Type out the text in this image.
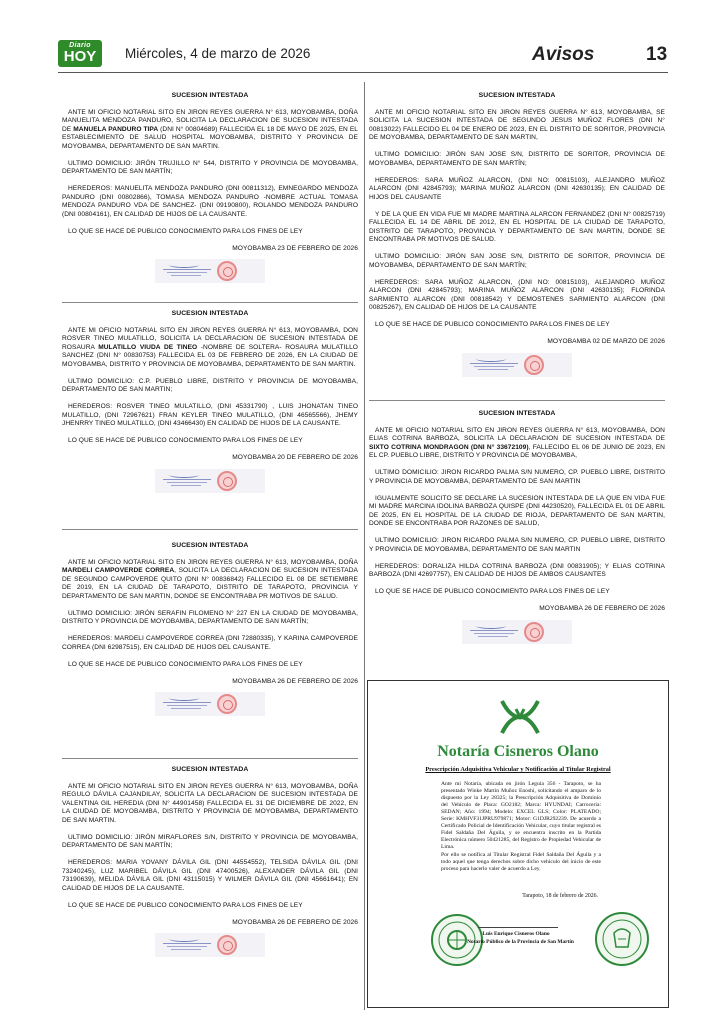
Diario
HOY	Miércoles, 4 de marzo de 2026	Avisos	13
SUCESION INTESTADA

ANTE MI OFICIO NOTARIAL SITO EN JIRON REYES GUERRA N° 613, MOYOBAMBA, DOÑA MANUELITA MENDOZA PANDURO, SOLICITA LA DECLARACION DE SUCESION INTESTADA DE MANUELA PANDURO TIPA (DNI N° 00804689) FALLECIDA EL 18 DE MAYO DE 2025, EN EL ESTABLECIMIENTO DE SALUD HOSPITAL MOYOBAMBA, DISTRITO Y PROVINCIA DE MOYOBAMBA, DEPARTAMENTO DE SAN MARTIN.

ULTIMO DOMICILIO: JIRÓN TRUJILLO N° 544, DISTRITO Y PROVINCIA DE MOYOBAMBA, DEPARTAMENTO DE SAN MARTÍN;

HEREDEROS: MANUELITA MENDOZA PANDURO (DNI 00811312), EMNEGARDO MENDOZA PANDURO (DNI 00802866), TOMASA MENDOZA PANDURO -NOMBRE ACTUAL TOMASA MENDOZA PANDURO VDA DE SANCHEZ- (DNI 09190800), ROLANDO MENDOZA PANDURO (DNI 00804161), EN CALIDAD DE HIJOS DE LA CAUSANTE.

LO QUE SE HACE DE PUBLICO CONOCIMIENTO PARA LOS FINES DE LEY

MOYOBAMBA 23 DE FEBRERO DE 2026
SUCESION INTESTADA

ANTE MI OFICIO NOTARIAL SITO EN JIRON REYES GUERRA N° 613, MOYOBAMBA, DON ROSVER TINEO MULATILLO, SOLICITA LA DECLARACION DE SUCESION INTESTADA DE ROSAURA MULATILLO VIUDA DE TINEO -NOMBRE DE SOLTERA- ROSAURA MULATILLO SANCHEZ (DNI N° 00830753) FALLECIDA EL 03 DE FEBRERO DE 2026, EN LA CIUDAD DE MOYOBAMBA, DISTRITO Y PROVINCIA DE MOYOBAMBA, DEPARTAMENTO DE SAN MARTIN.

ULTIMO DOMICILIO: C.P. PUEBLO LIBRE, DISTRITO Y PROVINCIA DE MOYOBAMBA, DEPARTAMENTO DE SAN MARTIN;

HEREDEROS: ROSVER TINEO MULATILLO, (DNI 45331790) , LUIS JHONATAN TINEO MULATILLO, (DNI 72967621) FRAN KEYLER TINEO MULATILLO, (DNI 46565566), JHEMY JHENRRY TINEO MULATILLO, (DNI 43466430) EN CALIDAD DE HIJOS DE LA CAUSANTE.

LO QUE SE HACE DE PUBLICO CONOCIMIENTO PARA LOS FINES DE LEY

MOYOBAMBA 20 DE FEBRERO DE 2026
SUCESION INTESTADA

ANTE MI OFICIO NOTARIAL SITO EN JIRON REYES GUERRA N° 613, MOYOBAMBA, DOÑA MARDELI CAMPOVERDE CORREA, SOLICITA LA DECLARACION DE SUCESION INTESTADA DE SEGUNDO CAMPOVERDE QUITO (DNI N° 00836842) FALLECIDO EL 08 DE SETIEMBRE DE 2019, EN LA CIUDAD DE TARAPOTO, DISTRITO DE TARAPOTO, PROVINCIA Y DEPARTAMENTO DE SAN MARTIN, DONDE SE ENCONTRABA PR MOTIVOS DE SALUD.

ULTIMO DOMICILIO: JIRÓN SERAFIN FILOMENO N° 227 EN LA CIUDAD DE MOYOBAMBA, DISTRITO Y PROVINCIA DE MOYOBAMBA, DEPARTAMENTO DE SAN MARTÍN;

HEREDEROS: MARDELI CAMPOVERDE CORREA (DNI 72880335), Y KARINA CAMPOVERDE CORREA (DNI 62987515), EN CALIDAD DE HIJOS DEL CAUSANTE.

LO QUE SE HACE DE PUBLICO CONOCIMIENTO PARA LOS FINES DE LEY

MOYOBAMBA 26 DE FEBRERO DE 2026
SUCESION INTESTADA

ANTE MI OFICIO NOTARIAL SITO EN JIRON REYES GUERRA N° 613, MOYOBAMBA, DOÑA REGULO DÁVILA CAJANDILAY, SOLICITA LA DECLARACION DE SUCESION INTESTADA DE VALENTINA GIL HEREDIA (DNI N° 44901458) FALLECIDA EL 31 DE DICIEMBRE DE 2022, EN LA CIUDAD DE MOYOBAMBA, DISTRITO Y PROVINCIA DE MOYOBAMBA, DEPARTAMENTO DE SAN MARTIN.

ULTIMO DOMICILIO: JIRÓN MIRAFLORES S/N, DISTRITO Y PROVINCIA DE MOYOBAMBA, DEPARTAMENTO DE SAN MARTÍN;

HEREDEROS: MARIA YOVANY DÁVILA GIL (DNI 44554552), TELSIDA DÁVILA GIL (DNI 73240245), LUZ MARIBEL DÁVILA GIL (DNI 47400526), ALEXANDER DÁVILA GIL (DNI 73190639), MELIDA DÁVILA GIL (DNI 43115015) Y WILMER DÁVILA GIL (DNI 45661641); EN CALIDAD DE HIJOS DE LA CAUSANTE.

LO QUE SE HACE DE PUBLICO CONOCIMIENTO PARA LOS FINES DE LEY

MOYOBAMBA 26 DE FEBRERO DE 2026
SUCESION INTESTADA

ANTE MI OFICIO NOTARIAL SITO EN JIRON REYES GUERRA N° 613, MOYOBAMBA, SE SOLICITA LA SUCESION INTESTADA DE SEGUNDO JESUS MUÑOZ FLORES (DNI N° 00813022) FALLECIDO EL 04 DE ENERO DE 2023, EN EL DISTRITO DE SORITOR, PROVINCIA DE MOYOBAMBA, DEPARTAMENTO DE SAN MARTIN,

ULTIMO DOMICILIO: JIRÓN SAN JOSE S/N, DISTRITO DE SORITOR, PROVINCIA DE MOYOBAMBA, DEPARTAMENTO DE SAN MARTÍN;

HEREDEROS: SARA MUÑOZ ALARCON, (DNI NO: 00815103), ALEJANDRO MUÑOZ ALARCON (DNI 42845793); MARINA MUÑOZ ALARCON (DNI 42630135); EN CALIDAD DE HIJOS DEL CAUSANTE

Y DE LA QUE EN VIDA FUE MI MADRE MARTINA ALARCON FERNANDEZ (DNI N° 00825719) FALLECIDA EL 14 DE ABRIL DE 2012, EN EL HOSPITAL DE LA CIUDAD DE TARAPOTO, DISTRITO DE TARAPOTO, PROVINCIA Y DEPARTAMENTO DE SAN MARTIN, DONDE SE ENCONTRABA PR MOTIVOS DE SALUD.

ULTIMO DOMICILIO: JIRÓN SAN JOSE S/N, DISTRITO DE SORITOR, PROVINCIA DE MOYOBAMBA, DEPARTAMENTO DE SAN MARTÍN;

HEREDEROS: SARA MUÑOZ ALARCON, (DNI NO: 00815103), ALEJANDRO MUÑOZ ALARCON (DNI 42845793); MARINA MUÑOZ ALARCON (DNI 42630135); FLORINDA SARMIENTO ALARCON (DNI 00818542) Y DEMOSTENES SARMIENTO ALARCON (DNI 00825267), EN CALIDAD DE HIJOS DE LA CAUSANTE

LO QUE SE HACE DE PUBLICO CONOCIMIENTO PARA LOS FINES DE LEY

MOYOBAMBA 02 DE MARZO DE 2026
SUCESION INTESTADA

ANTE MI OFICIO NOTARIAL SITO EN JIRON REYES GUERRA N° 613, MOYOBAMBA, DON ELIAS COTRINA BARBOZA, SOLICITA LA DECLARACION DE SUCESION INTESTADA DE SIXTO COTRINA MONDRAGON (DNI N° 33672109), FALLECIDO EL 06 DE JUNIO DE 2023, EN EL CP. PUEBLO LIBRE, DISTRITO Y PROVINCIA DE MOYOBAMBA,

ULTIMO DOMICILIO: JIRON RICARDO PALMA S/N NUMERO, CP. PUEBLO LIBRE, DISTRITO Y PROVINCIA DE MOYOBAMBA, DEPARTAMENTO DE SAN MARTIN

IGUALMENTE SOLICITO SE DECLARE LA SUCESION INTESTADA DE LA QUE EN VIDA FUE MI MADRE MARCINA IDOLINA BARBOZA QUISPE (DNI 44230520), FALLECIDA EL 01 DE ABRIL DE 2025, EN EL HOSPITAL DE LA CIUDAD DE RIOJA, DEPARTAMENTO DE SAN MARTIN, DONDE SE ENCONTRABA POR RAZONES DE SALUD,

ULTIMO DOMICILIO: JIRON RICARDO PALMA S/N NUMERO, CP. PUEBLO LIBRE, DISTRITO Y PROVINCIA DE MOYOBAMBA, DEPARTAMENTO DE SAN MARTIN

HEREDEROS: DORALIZA HILDA COTRINA BARBOZA (DNI 00831905); Y ELIAS COTRINA BARBOZA (DNI 42697757), EN CALIDAD DE HIJOS DE AMBOS CAUSANTES

LO QUE SE HACE DE PUBLICO CONOCIMIENTO PARA LOS FINES DE LEY

MOYOBAMBA 26 DE FEBRERO DE 2026
Notaría Cisneros Olano
Prescripción Adquisitiva Vehicular y Notificación al Titular Registral

Ante mi Notaría, ubicada en jirón Leguía 356 - Tarapoto, se ha presentado Winke Martin Muñoz Enoshi, solicitando el amparo de lo dispuesto por la Ley 28325; la Prescripción Adquisitiva de Dominio del Vehículo de Placa: GO2182; Marca: HYUNDAI; Carrocería: SEDAN; Año: 1994; Modelo: EXCEL GLS; Color: PLATEADO; Serie: KMHVF31JPRU979871; Motor: G1DJR292239. De acuerdo a Certificado Policial de Identificación Vehicular, cuyo titular registral es Fidel Saldaña Del Águila, y se encuentra inscrito en la Partida Electrónica número 50421285, del Registro de Propiedad Vehicular de Lima.

Por ello se notifica al Titular Registral Fidel Saldaña Del Águila y a todo aquel que tenga derechos sobre dicho vehículo del inicio de este proceso para hacerlo valer de acuerdo a Ley.

Tarapoto, 18 de febrero de 2026.
Luis Enrique Cisneros Olano
Notario Público de la Provincia de San Martín
